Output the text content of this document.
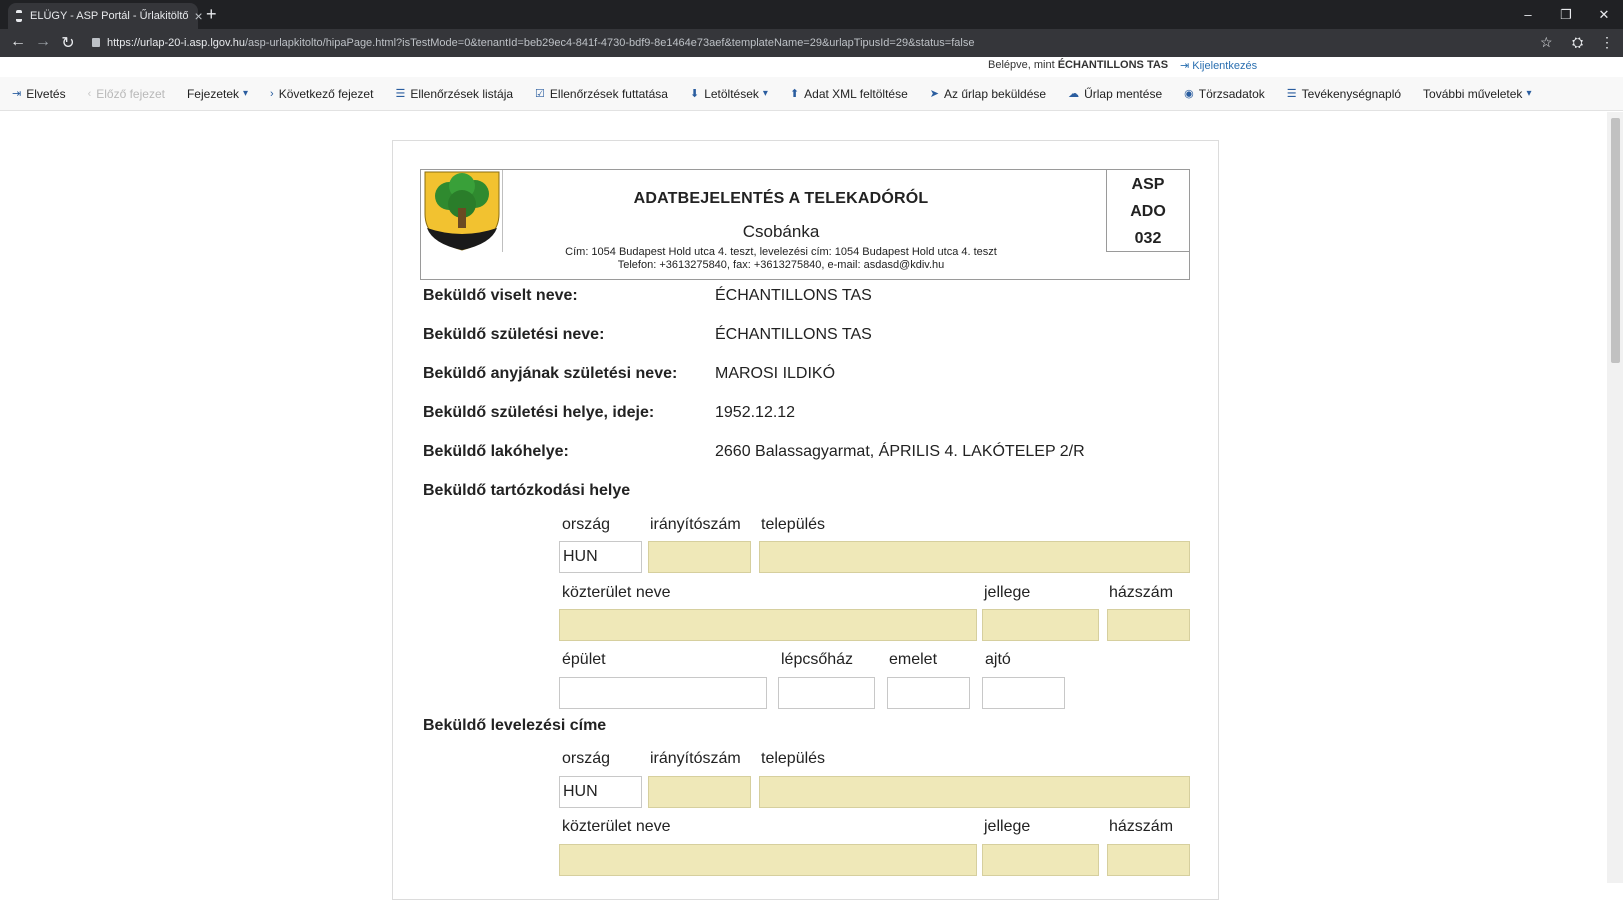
ELÜGY - ASP Portál - Űrlakitöltő × +	–	❐	✕
← → ↻	https://urlap-20-i.asp.lgov.hu/asp-urlapkitolto/hipaPage.html?isTestMode=0&tenantId=beb29ec4-841f-4730-bdf9-8e1464e73aef&templateName=29&urlapTipusId=29&status=false	☆ ⛭ ⋮
Belépve, mint ÉCHANTILLONS TAS ⇥ Kijelentkezés
⇥ Elvetés ‹ Előző fejezet Fejezetek ▾ › Következő fejezet ☰ Ellenőrzések listája ☑ Ellenőrzések futtatása ⬇ Letöltések ▾ ⬆ Adat XML feltöltése ➤ Az űrlap beküldése ☁ Űrlap mentése ◉ Törzsadatok ☰ Tevékenységnapló További műveletek ▾
ADATBEJELENTÉS A TELEKADÓRÓL
Csobánka
Cím: 1054 Budapest Hold utca 4. teszt, levelezési cím: 1054 Budapest Hold utca 4. teszt
Telefon: +3613275840, fax: +3613275840, e-mail: asdasd@kdiv.hu
ASP
ADO
032
Beküldő viselt neve:	ÉCHANTILLONS TAS
Beküldő születési neve:	ÉCHANTILLONS TAS
Beküldő anyjának születési neve: MAROSI ILDIKÓ
Beküldő születési helye, ideje:	1952.12.12
Beküldő lakóhelye:	2660 Balassagyarmat, ÁPRILIS 4. LAKÓTELEP 2/R
Beküldő tartózkodási helye
ország irányítószám település
HUN
közterület neve	jellege	házszám
épület	lépcsőház emelet	ajtó
Beküldő levelezési címe
ország irányítószám település
HUN
közterület neve	jellege	házszám
